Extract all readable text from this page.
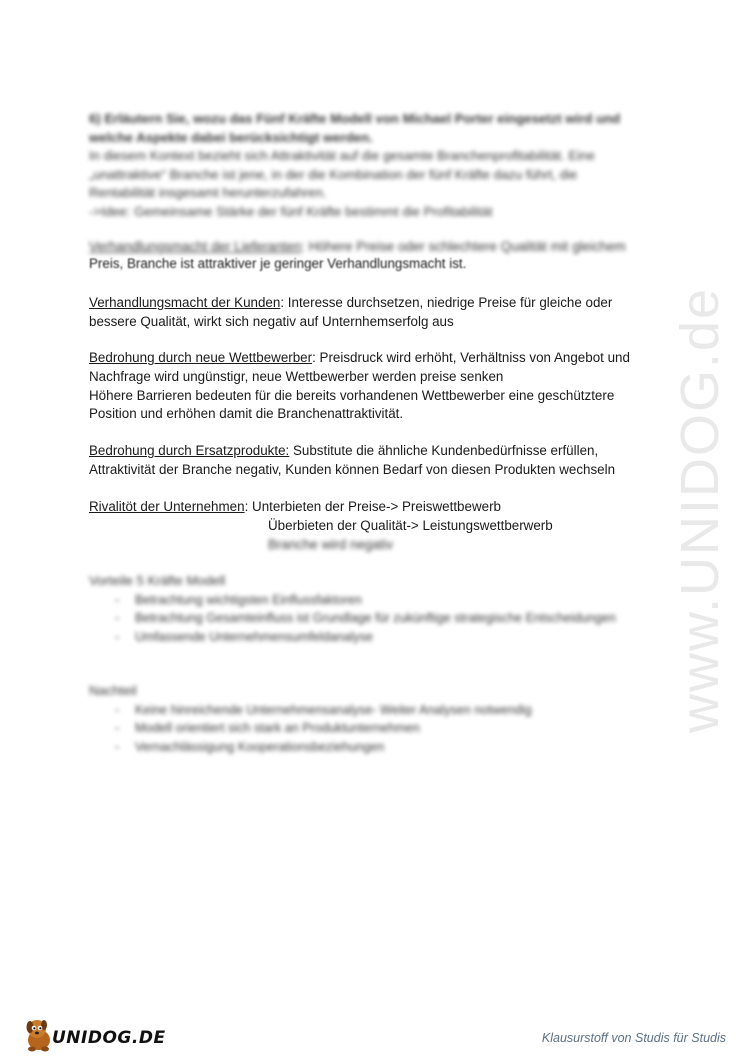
www.UNIDOG.de

6) Erläutern Sie, wozu das Fünf Kräfte Modell von Michael Porter eingesetzt wird und

welche Aspekte dabei berücksichtigt werden.

In diesem Kontext bezieht sich Attraktivität auf die gesamte Branchenprofitabilität. Eine

„unattraktive“ Branche ist jene, in der die Kombination der fünf Kräfte dazu führt, die

Rentabilität insgesamt herunterzufahren.

->Idee: Gemeinsame Stärke der fünf Kräfte bestimmt die Profitabilität

Verhandlungsmacht der Lieferanten: Höhere Preise oder schlechtere Qualität mit gleichem

Preis, Branche ist attraktiver je geringer Verhandlungsmacht ist.

Verhandlungsmacht der Kunden: Interesse durchsetzen, niedrige Preise für gleiche oder

bessere Qualität, wirkt sich negativ auf Unternhemserfolg aus

Bedrohung durch neue Wettbewerber: Preisdruck wird erhöht, Verhältniss von Angebot und

Nachfrage wird ungünstigr, neue Wettbewerber werden preise senken

Höhere Barrieren bedeuten für die bereits vorhandenen Wettbewerber eine geschütztere

Position und erhöhen damit die Branchenattraktivität.

Bedrohung durch Ersatzprodukte: Substitute die ähnliche Kundenbedürfnisse erfüllen,

Attraktivität der Branche negativ, Kunden können Bedarf von diesen Produkten wechseln

Rivalitöt der Unternehmen: Unterbieten der Preise-> Preiswettbewerb

Überbieten der Qualität-> Leistungswettberwerb

Branche wird negativ

Vorteile 5 Kräfte Modell

- Betrachtung wichtigsten Einflussfaktoren
- Betrachtung Gesamteinfluss ist Grundlage für zukünftige strategische Entscheidungen
- Umfassende Unternehmensumfeldanalyse

Nachteil

- Keine hinreichende Unternehmensanalyse- Weiter Analysen notwendig
- Modell orientiert sich stark an Produktunternehmen
- Vernachlässigung Kooperationsbeziehungen
UNIDOG.DE	Klausurstoff von Studis für Studis
